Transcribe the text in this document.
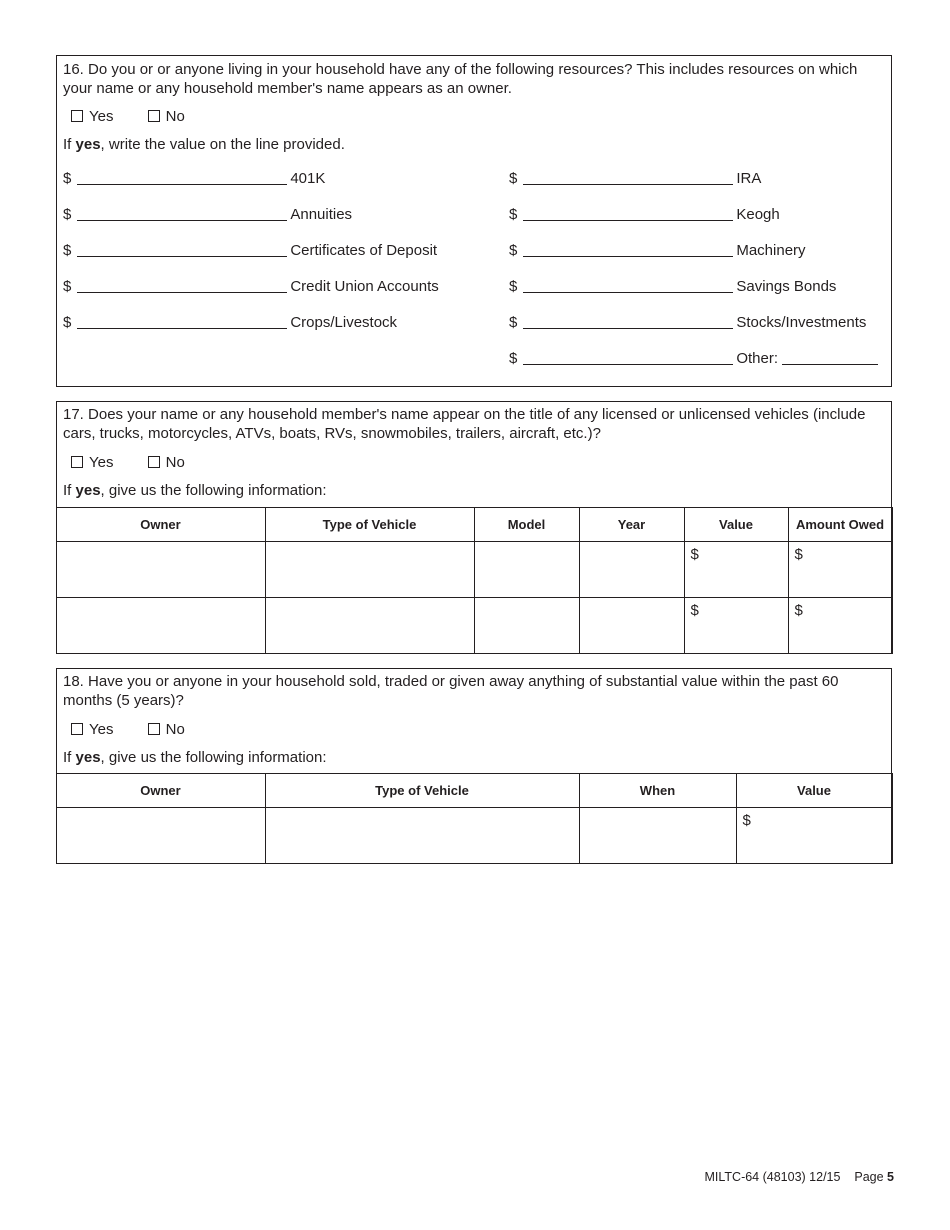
16. Do you or or anyone living in your household have any of the following resources? This includes resources on which your name or any household member's name appears as an owner.
Yes	No
If yes, write the value on the line provided.
$	401K
$	Annuities
$	Certificates of Deposit
$	Credit Union Accounts
$	Crops/Livestock
$	IRA
$	Keogh
$	Machinery
$	Savings Bonds
$	Stocks/Investments
$	Other:
17. Does your name or any household member's name appear on the title of any licensed or unlicensed vehicles (include cars, trucks, motorcycles, ATVs, boats, RVs, snowmobiles, trailers, aircraft, etc.)?
Yes	No
If yes, give us the following information:
Owner	Type of Vehicle	Model	Year	Value	Amount Owed
				$	$
				$	$
18. Have you or anyone in your household sold, traded or given away anything of substantial value within the past 60 months (5 years)?
Yes	No
If yes, give us the following information:
Owner	Type of Vehicle	When	Value
			$
MILTC-64 (48103) 12/15 Page 5
